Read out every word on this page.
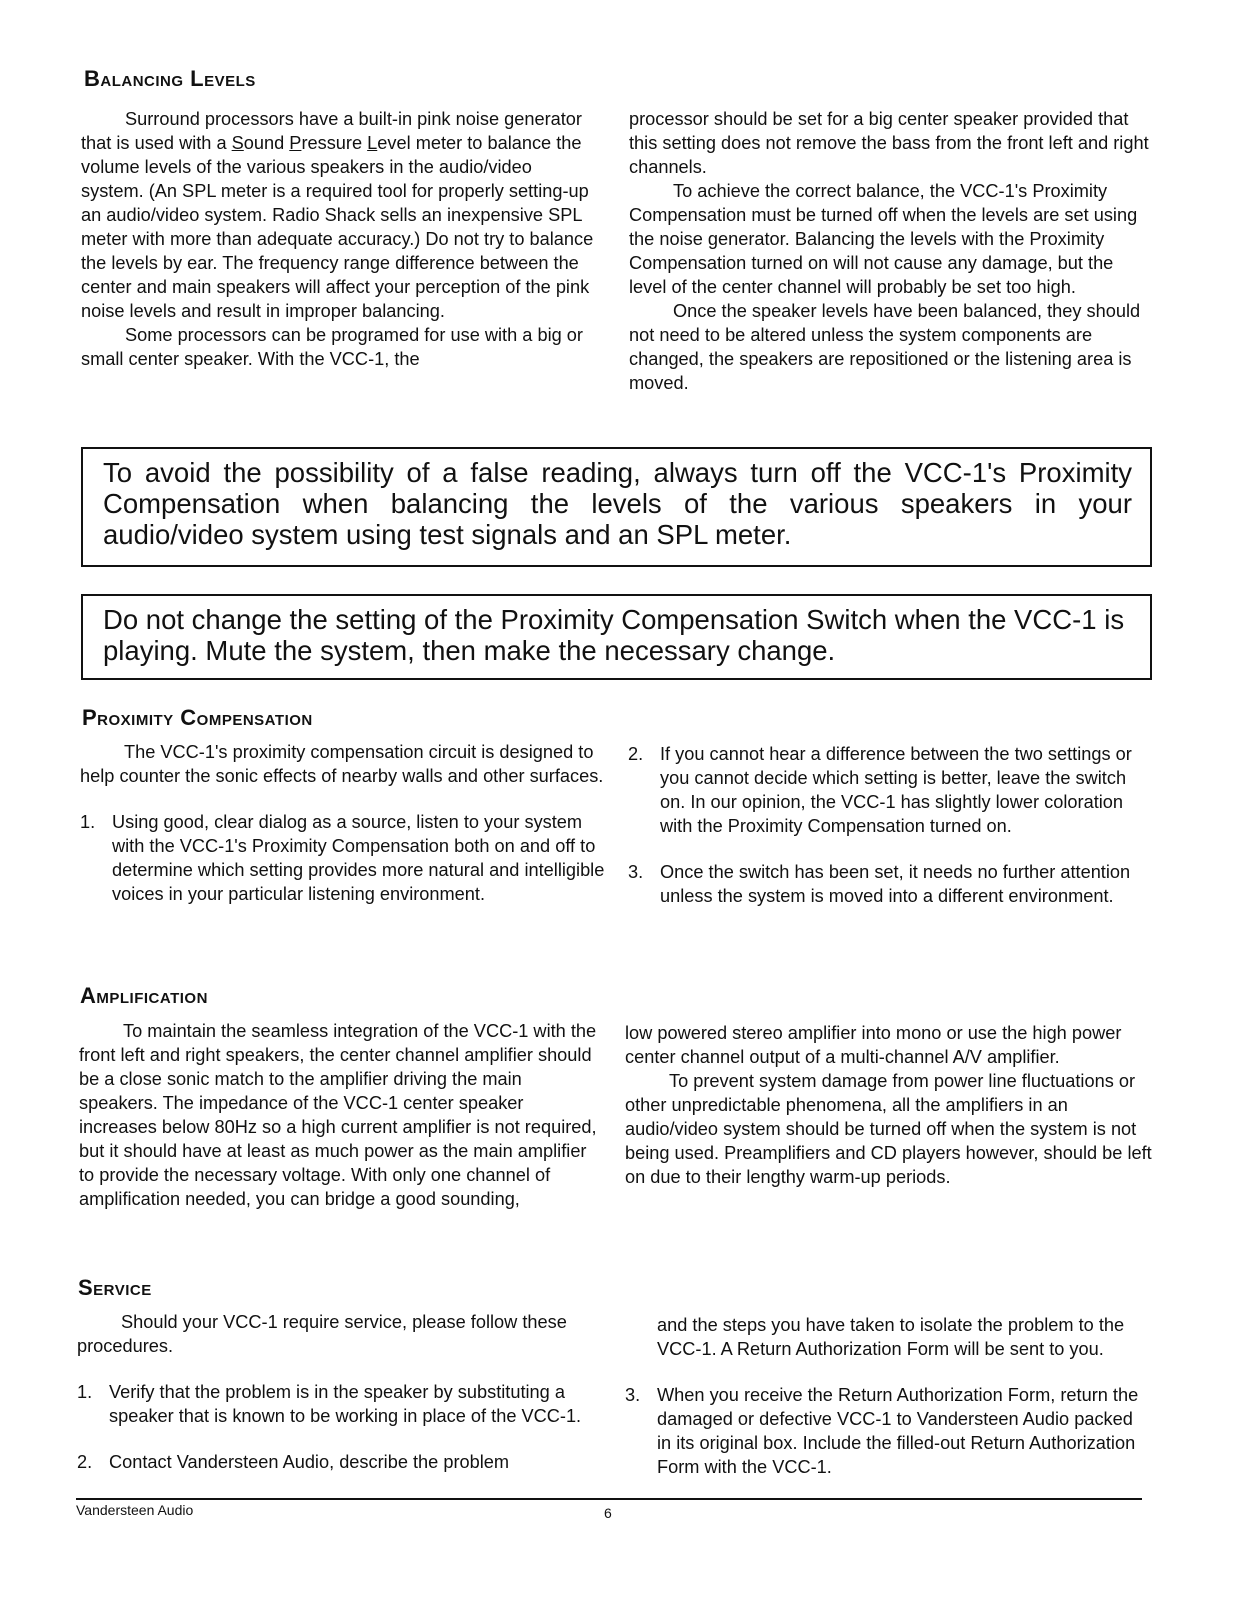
Balancing Levels

Surround processors have a built-in pink noise generator that is used with a Sound Pressure Level meter to balance the volume levels of the various speakers in the audio/video system. (An SPL meter is a required tool for properly setting-up an audio/video system. Radio Shack sells an inexpensive SPL meter with more than adequate accuracy.) Do not try to balance the levels by ear. The frequency range difference between the center and main speakers will affect your perception of the pink noise levels and result in improper balancing.

Some processors can be programed for use with a big or small center speaker. With the VCC-1, the

processor should be set for a big center speaker provided that this setting does not remove the bass from the front left and right channels.

To achieve the correct balance, the VCC-1's Proximity Compensation must be turned off when the levels are set using the noise generator. Balancing the levels with the Proximity Compensation turned on will not cause any damage, but the level of the center channel will probably be set too high.

Once the speaker levels have been balanced, they should not need to be altered unless the system components are changed, the speakers are repositioned or the listening area is moved.

To avoid the possibility of a false reading, always turn off the VCC-1's Proximity Compensation when balancing the levels of the various speakers in your audio/video system using test signals and an SPL meter.
Do not change the setting of the Proximity Compensation Switch when the VCC-1 is playing. Mute the system, then make the necessary change.
Proximity Compensation

The VCC-1's proximity compensation circuit is designed to help counter the sonic effects of nearby walls and other surfaces.

1. Using good, clear dialog as a source, listen to your system with the VCC-1's Proximity Compensation both on and off to determine which setting provides more natural and intelligible voices in your particular listening environment.
2. If you cannot hear a difference between the two settings or you cannot decide which setting is better, leave the switch on. In our opinion, the VCC-1 has slightly lower coloration with the Proximity Compensation turned on.
3. Once the switch has been set, it needs no further attention unless the system is moved into a different environment.
Amplification

To maintain the seamless integration of the VCC-1 with the front left and right speakers, the center channel amplifier should be a close sonic match to the amplifier driving the main speakers. The impedance of the VCC-1 center speaker increases below 80Hz so a high current amplifier is not required, but it should have at least as much power as the main amplifier to provide the necessary voltage. With only one channel of amplification needed, you can bridge a good sounding,

low powered stereo amplifier into mono or use the high power center channel output of a multi-channel A/V amplifier.

To prevent system damage from power line fluctuations or other unpredictable phenomena, all the amplifiers in an audio/video system should be turned off when the system is not being used. Preamplifiers and CD players however, should be left on due to their lengthy warm-up periods.

Service

Should your VCC-1 require service, please follow these procedures.

1. Verify that the problem is in the speaker by substituting a speaker that is known to be working in place of the VCC-1.
2. Contact Vandersteen Audio, describe the problem
and the steps you have taken to isolate the problem to the VCC-1. A Return Authorization Form will be sent to you.
3. When you receive the Return Authorization Form, return the damaged or defective VCC-1 to Vandersteen Audio packed in its original box. Include the filled-out Return Authorization Form with the VCC-1.
Vandersteen Audio	6
